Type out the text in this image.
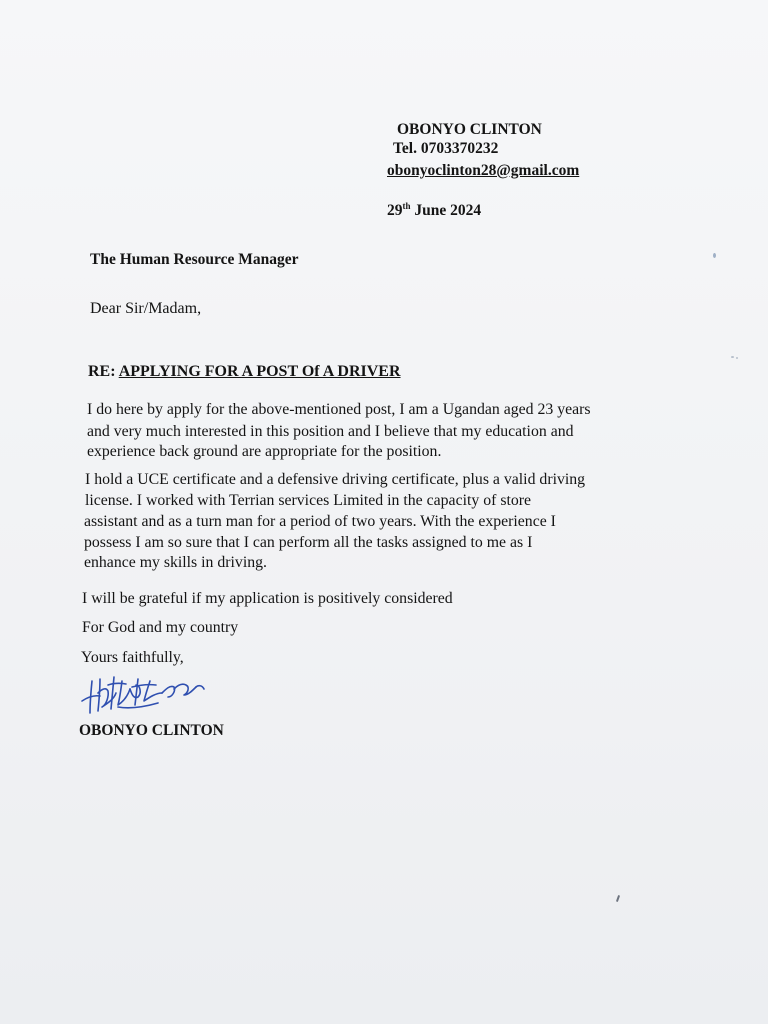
OBONYO CLINTON
Tel. 0703370232
obonyoclinton28@gmail.com
29th June 2024
The Human Resource Manager
Dear Sir/Madam,
RE: APPLYING FOR A POST Of A DRIVER
I do here by apply for the above-mentioned post, I am a Ugandan aged 23 years
and very much interested in this position and I believe that my education and
experience back ground are appropriate for the position.
I hold a UCE certificate and a defensive driving certificate, plus a valid driving
license. I worked with Terrian services Limited in the capacity of store
assistant and as a turn man for a period of two years. With the experience I
possess I am so sure that I can perform all the tasks assigned to me as I
enhance my skills in driving.
I will be grateful if my application is positively considered
For God and my country
Yours faithfully,
OBONYO CLINTON
